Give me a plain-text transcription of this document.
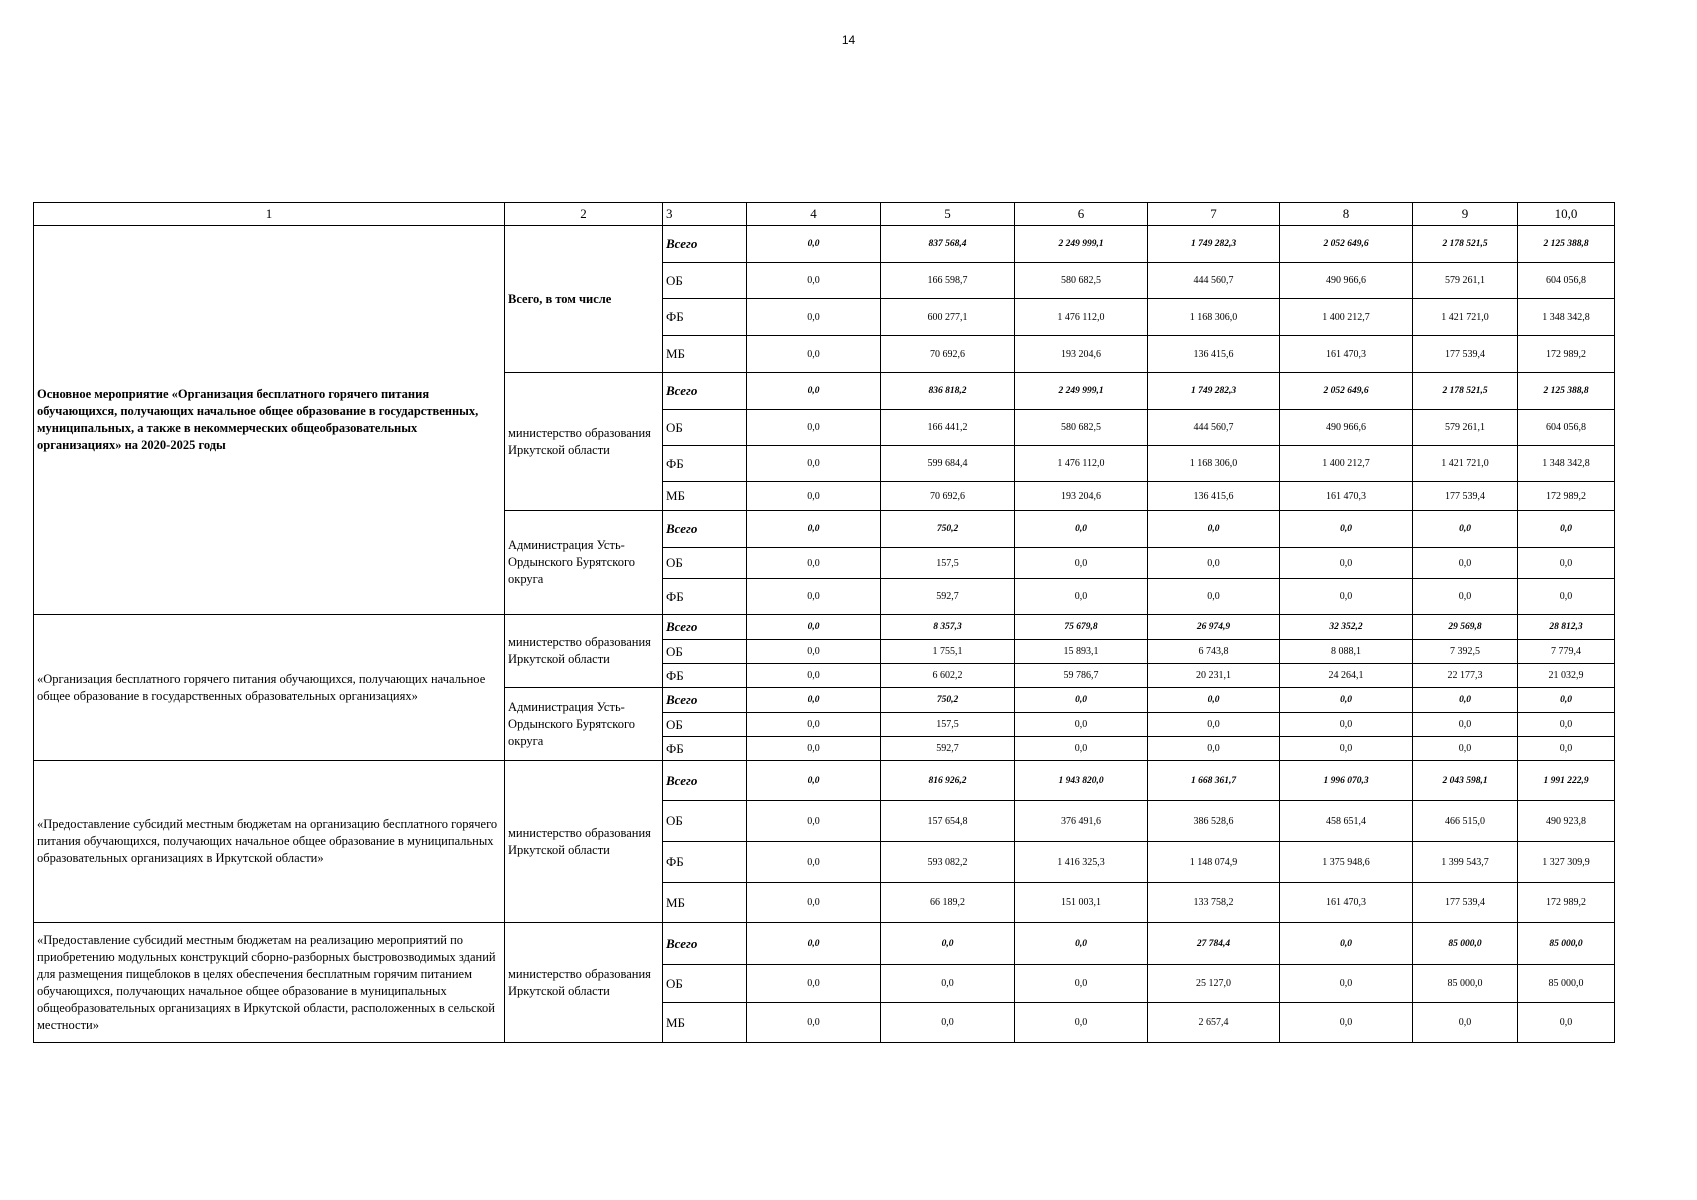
14
1	2	3	4	5	6	7	8	9	10,0
Основное мероприятие «Организация бесплатного горячего питания обучающихся, получающих начальное общее образование в государственных, муниципальных, а также в некоммерческих общеобразовательных организациях» на 2020-2025 годы	Всего, в том числе	Всего	0,0	837 568,4	2 249 999,1	1 749 282,3	2 052 649,6	2 178 521,5	2 125 388,8
		ОБ	0,0	166 598,7	580 682,5	444 560,7	490 966,6	579 261,1	604 056,8
		ФБ	0,0	600 277,1	1 476 112,0	1 168 306,0	1 400 212,7	1 421 721,0	1 348 342,8
		МБ	0,0	70 692,6	193 204,6	136 415,6	161 470,3	177 539,4	172 989,2
	министерство образования Иркутской области	Всего	0,0	836 818,2	2 249 999,1	1 749 282,3	2 052 649,6	2 178 521,5	2 125 388,8
		ОБ	0,0	166 441,2	580 682,5	444 560,7	490 966,6	579 261,1	604 056,8
		ФБ	0,0	599 684,4	1 476 112,0	1 168 306,0	1 400 212,7	1 421 721,0	1 348 342,8
		МБ	0,0	70 692,6	193 204,6	136 415,6	161 470,3	177 539,4	172 989,2
	Администрация Усть-Ордынского Бурятского округа	Всего	0,0	750,2	0,0	0,0	0,0	0,0	0,0
		ОБ	0,0	157,5	0,0	0,0	0,0	0,0	0,0
		ФБ	0,0	592,7	0,0	0,0	0,0	0,0	0,0
«Организация бесплатного горячего питания обучающихся, получающих начальное общее образование в государственных образовательных организациях»	министерство образования Иркутской области	Всего	0,0	8 357,3	75 679,8	26 974,9	32 352,2	29 569,8	28 812,3
		ОБ	0,0	1 755,1	15 893,1	6 743,8	8 088,1	7 392,5	7 779,4
		ФБ	0,0	6 602,2	59 786,7	20 231,1	24 264,1	22 177,3	21 032,9
	Администрация Усть-Ордынского Бурятского округа	Всего	0,0	750,2	0,0	0,0	0,0	0,0	0,0
		ОБ	0,0	157,5	0,0	0,0	0,0	0,0	0,0
		ФБ	0,0	592,7	0,0	0,0	0,0	0,0	0,0
«Предоставление субсидий местным бюджетам на организацию бесплатного горячего питания обучающихся, получающих начальное общее образование в муниципальных образовательных организациях в Иркутской области»	министерство образования Иркутской области	Всего	0,0	816 926,2	1 943 820,0	1 668 361,7	1 996 070,3	2 043 598,1	1 991 222,9
		ОБ	0,0	157 654,8	376 491,6	386 528,6	458 651,4	466 515,0	490 923,8
		ФБ	0,0	593 082,2	1 416 325,3	1 148 074,9	1 375 948,6	1 399 543,7	1 327 309,9
		МБ	0,0	66 189,2	151 003,1	133 758,2	161 470,3	177 539,4	172 989,2
«Предоставление субсидий местным бюджетам на реализацию мероприятий по приобретению модульных конструкций сборно-разборных быстровозводимых зданий для размещения пищеблоков в целях обеспечения бесплатным горячим питанием обучающихся, получающих начальное общее образование в муниципальных общеобразовательных организациях в Иркутской области, расположенных в сельской местности»	министерство образования Иркутской области	Всего	0,0	0,0	0,0	27 784,4	0,0	85 000,0	85 000,0
		ОБ	0,0	0,0	0,0	25 127,0	0,0	85 000,0	85 000,0
		МБ	0,0	0,0	0,0	2 657,4	0,0	0,0	0,0
